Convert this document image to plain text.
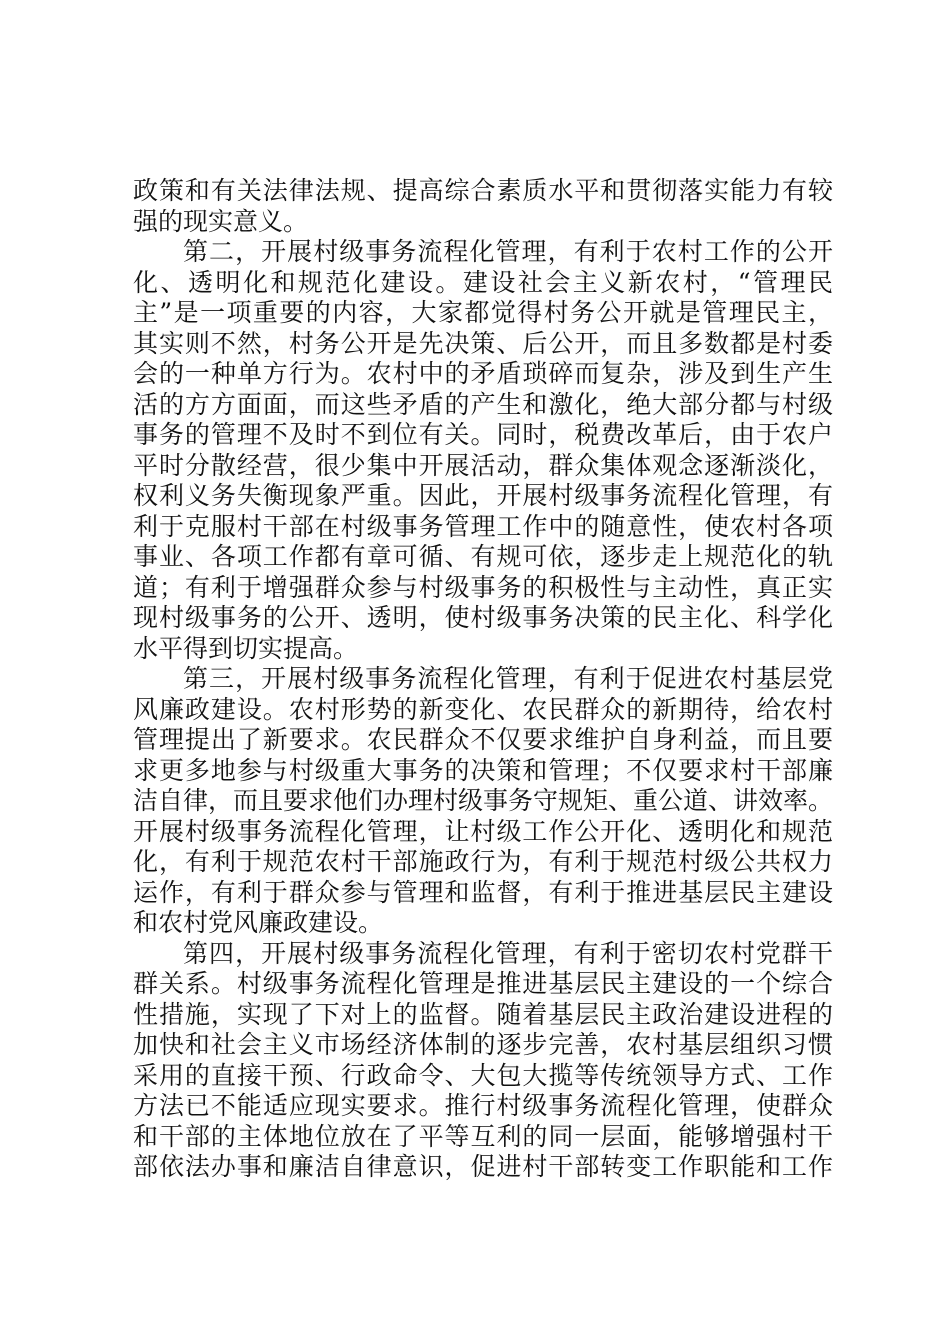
政策和有关法律法规、提高综合素质水平和贯彻落实能力有较
强的现实意义。
第二，开展村级事务流程化管理，有利于农村工作的公开
化、透明化和规范化建设。建设社会主义新农村，“管理民
主”是一项重要的内容，大家都觉得村务公开就是管理民主，
其实则不然，村务公开是先决策、后公开，而且多数都是村委
会的一种单方行为。农村中的矛盾琐碎而复杂，涉及到生产生
活的方方面面，而这些矛盾的产生和激化，绝大部分都与村级
事务的管理不及时不到位有关。同时，税费改革后，由于农户
平时分散经营，很少集中开展活动，群众集体观念逐渐淡化，
权利义务失衡现象严重。因此，开展村级事务流程化管理，有
利于克服村干部在村级事务管理工作中的随意性，使农村各项
事业、各项工作都有章可循、有规可依，逐步走上规范化的轨
道；有利于增强群众参与村级事务的积极性与主动性，真正实
现村级事务的公开、透明，使村级事务决策的民主化、科学化
水平得到切实提高。
第三，开展村级事务流程化管理，有利于促进农村基层党
风廉政建设。农村形势的新变化、农民群众的新期待，给农村
管理提出了新要求。农民群众不仅要求维护自身利益，而且要
求更多地参与村级重大事务的决策和管理；不仅要求村干部廉
洁自律，而且要求他们办理村级事务守规矩、重公道、讲效率。
开展村级事务流程化管理，让村级工作公开化、透明化和规范
化，有利于规范农村干部施政行为，有利于规范村级公共权力
运作，有利于群众参与管理和监督，有利于推进基层民主建设
和农村党风廉政建设。
第四，开展村级事务流程化管理，有利于密切农村党群干
群关系。村级事务流程化管理是推进基层民主建设的一个综合
性措施，实现了下对上的监督。随着基层民主政治建设进程的
加快和社会主义市场经济体制的逐步完善，农村基层组织习惯
采用的直接干预、行政命令、大包大揽等传统领导方式、工作
方法已不能适应现实要求。推行村级事务流程化管理，使群众
和干部的主体地位放在了平等互利的同一层面，能够增强村干
部依法办事和廉洁自律意识，促进村干部转变工作职能和工作
